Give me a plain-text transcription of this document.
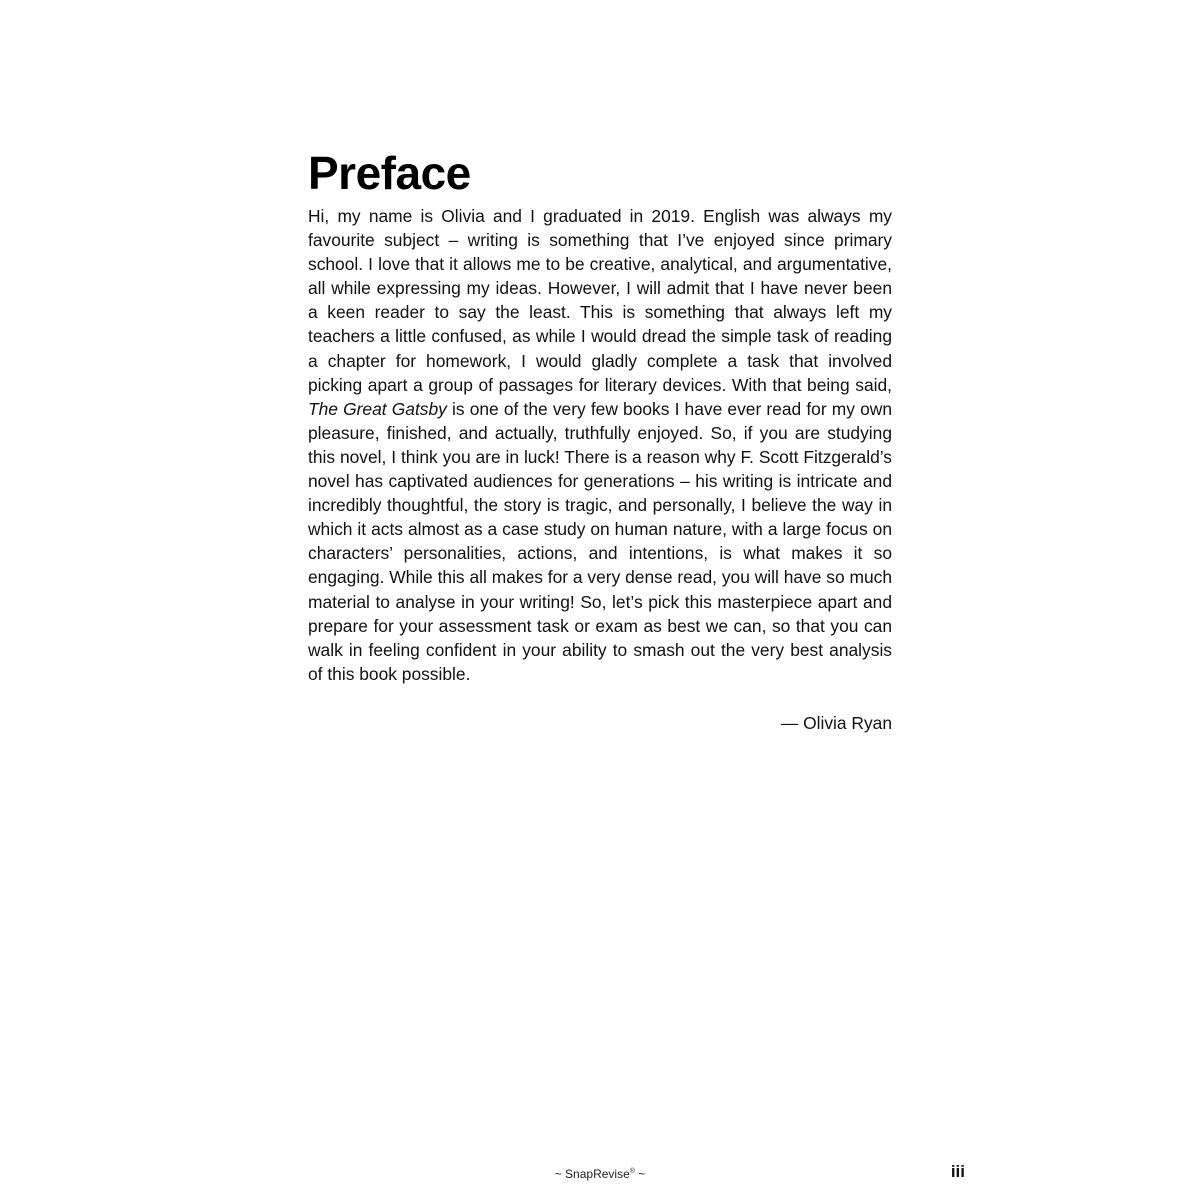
Preface

Hi, my name is Olivia and I graduated in 2019. English was always my favourite subject – writing is something that I’ve enjoyed since primary school. I love that it allows me to be creative, analytical, and argumentative, all while expressing my ideas. However, I will admit that I have never been a keen reader to say the least. This is something that always left my teachers a little confused, as while I would dread the simple task of reading a chapter for homework, I would gladly complete a task that involved picking apart a group of passages for literary devices. With that being said, The Great Gatsby is one of the very few books I have ever read for my own pleasure, finished, and actually, truthfully enjoyed. So, if you are studying this novel, I think you are in luck! There is a reason why F. Scott Fitzgerald’s novel has captivated audiences for generations – his writing is intricate and incredibly thoughtful, the story is tragic, and personally, I believe the way in which it acts almost as a case study on human nature, with a large focus on characters’ personalities, actions, and intentions, is what makes it so engaging. While this all makes for a very dense read, you will have so much material to analyse in your writing! So, let’s pick this masterpiece apart and prepare for your assessment task or exam as best we can, so that you can walk in feeling confident in your ability to smash out the very best analysis of this book possible.

— Olivia Ryan

~ SnapRevise® ~	iii
